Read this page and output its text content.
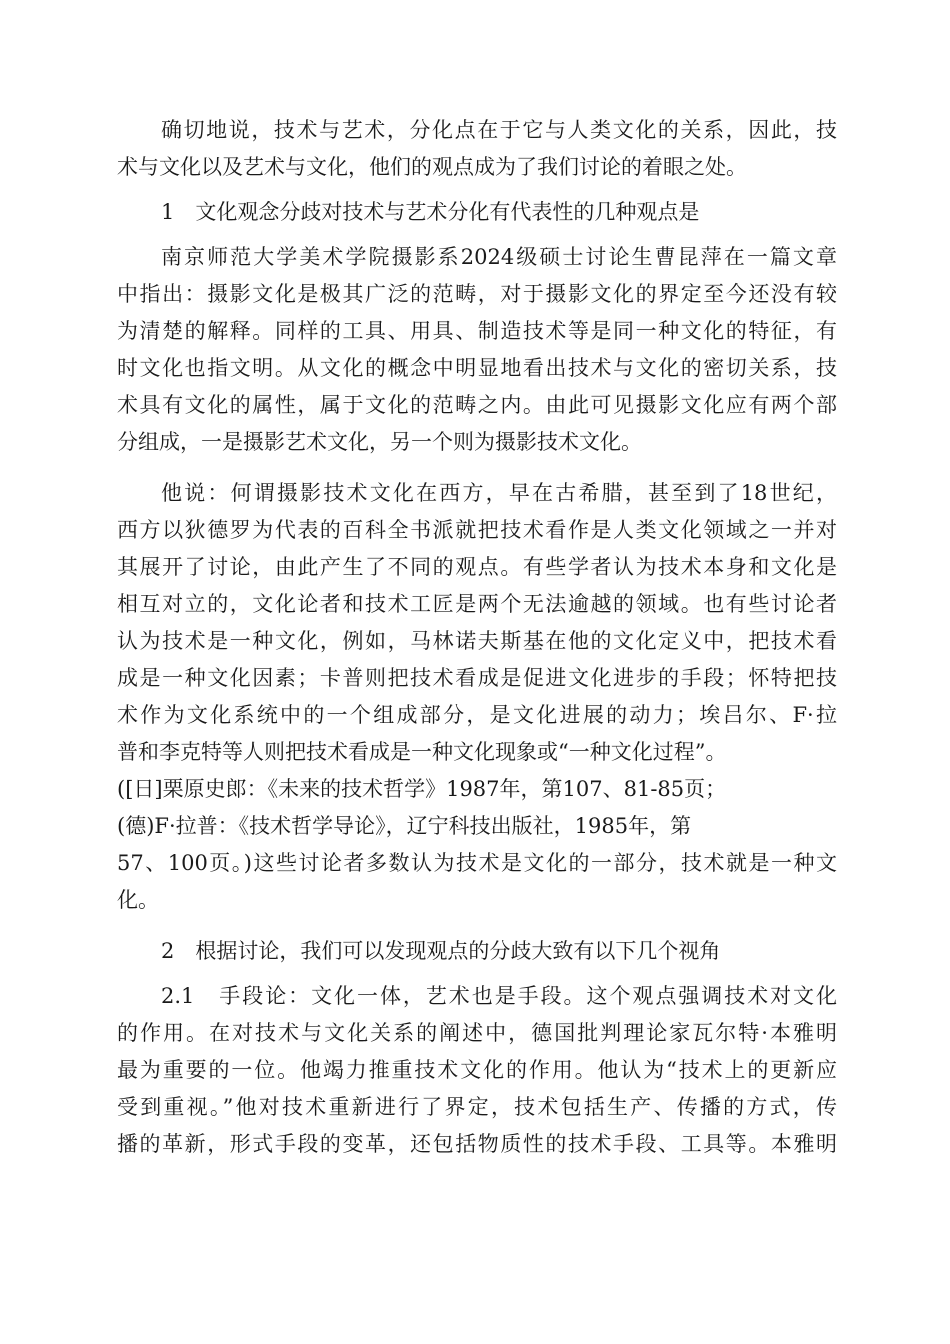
确切地说，技术与艺术，分化点在于它与人类文化的关系，因此，技
术与文化以及艺术与文化，他们的观点成为了我们讨论的着眼之处。
1　文化观念分歧对技术与艺术分化有代表性的几种观点是
南京师范大学美术学院摄影系2024级硕士讨论生曹昆萍在一篇文章
中指出：摄影文化是极其广泛的范畴，对于摄影文化的界定至今还没有较
为清楚的解释。同样的工具、用具、制造技术等是同一种文化的特征，有
时文化也指文明。从文化的概念中明显地看出技术与文化的密切关系，技
术具有文化的属性，属于文化的范畴之内。由此可见摄影文化应有两个部
分组成，一是摄影艺术文化，另一个则为摄影技术文化。
他说：何谓摄影技术文化在西方，早在古希腊，甚至到了18世纪，
西方以狄德罗为代表的百科全书派就把技术看作是人类文化领域之一并对
其展开了讨论，由此产生了不同的观点。有些学者认为技术本身和文化是
相互对立的，文化论者和技术工匠是两个无法逾越的领域。也有些讨论者
认为技术是一种文化，例如，马林诺夫斯基在他的文化定义中，把技术看
成是一种文化因素；卡普则把技术看成是促进文化进步的手段；怀特把技
术作为文化系统中的一个组成部分，是文化进展的动力；埃吕尔、F·拉
普和李克特等人则把技术看成是一种文化现象或“一种文化过程”。
([日]栗原史郎：《未来的技术哲学》1987年，第107、81-85页；
(德)F·拉普：《技术哲学导论》，辽宁科技出版社，1985年，第
57、100页。)这些讨论者多数认为技术是文化的一部分，技术就是一种文
化。
2　根据讨论，我们可以发现观点的分歧大致有以下几个视角
2.1　手段论：文化一体，艺术也是手段。这个观点强调技术对文化
的作用。在对技术与文化关系的阐述中，德国批判理论家瓦尔特·本雅明
最为重要的一位。他竭力推重技术文化的作用。他认为“技术上的更新应
受到重视。”他对技术重新进行了界定，技术包括生产、传播的方式，传
播的革新，形式手段的变革，还包括物质性的技术手段、工具等。本雅明
